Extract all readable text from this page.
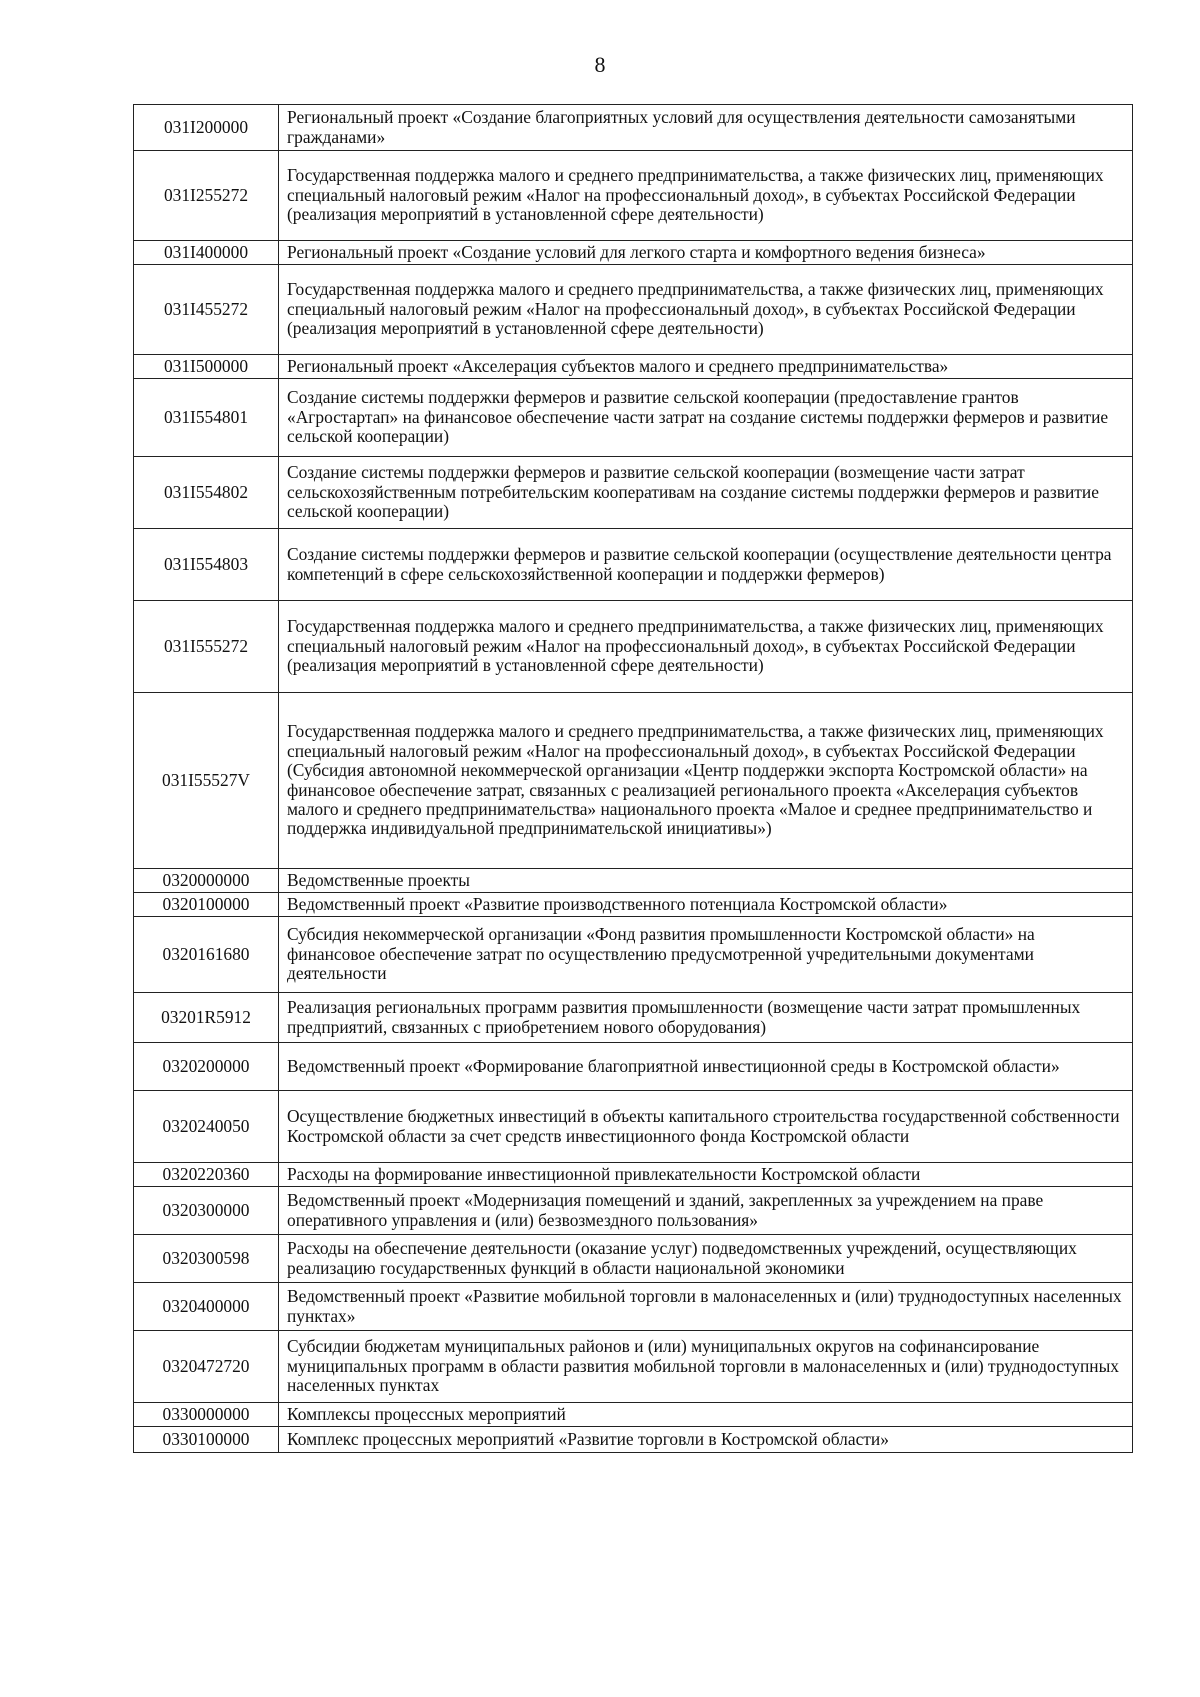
8
031I200000	Региональный проект «Создание благоприятных условий для осуществления деятельности самозанятыми гражданами»
031I255272	Государственная поддержка малого и среднего предпринимательства, а также физических лиц, применяющих специальный налоговый режим «Налог на профессиональный доход», в субъектах Российской Федерации (реализация мероприятий в установленной сфере деятельности)
031I400000	Региональный проект «Создание условий для легкого старта и комфортного ведения бизнеса»
031I455272	Государственная поддержка малого и среднего предпринимательства, а также физических лиц, применяющих специальный налоговый режим «Налог на профессиональный доход», в субъектах Российской Федерации (реализация мероприятий в установленной сфере деятельности)
031I500000	Региональный проект «Акселерация субъектов малого и среднего предпринимательства»
031I554801	Создание системы поддержки фермеров и развитие сельской кооперации (предоставление грантов «Агростартап» на финансовое обеспечение части затрат на создание системы поддержки фермеров и развитие сельской кооперации)
031I554802	Создание системы поддержки фермеров и развитие сельской кооперации (возмещение части затрат сельскохозяйственным потребительским кооперативам на создание системы поддержки фермеров и развитие сельской кооперации)
031I554803	Создание системы поддержки фермеров и развитие сельской кооперации (осуществление деятельности центра компетенций в сфере сельскохозяйственной кооперации и поддержки фермеров)
031I555272	Государственная поддержка малого и среднего предпринимательства, а также физических лиц, применяющих специальный налоговый режим «Налог на профессиональный доход», в субъектах Российской Федерации (реализация мероприятий в установленной сфере деятельности)
031I55527V	Государственная поддержка малого и среднего предпринимательства, а также физических лиц, применяющих специальный налоговый режим «Налог на профессиональный доход», в субъектах Российской Федерации (Субсидия автономной некоммерческой организации «Центр поддержки экспорта Костромской области» на финансовое обеспечение затрат, связанных с реализацией регионального проекта «Акселерация субъектов малого и среднего предпринимательства» национального проекта «Малое и среднее предпринимательство и поддержка индивидуальной предпринимательской инициативы»)
0320000000	Ведомственные проекты
0320100000	Ведомственный проект «Развитие производственного потенциала Костромской области»
0320161680	Субсидия некоммерческой организации «Фонд развития промышленности Костромской области» на финансовое обеспечение затрат по осуществлению предусмотренной учредительными документами деятельности
03201R5912	Реализация региональных программ развития промышленности (возмещение части затрат промышленных предприятий, связанных с приобретением нового оборудования)
0320200000	Ведомственный проект «Формирование благоприятной инвестиционной среды в Костромской области»
0320240050	Осуществление бюджетных инвестиций в объекты капитального строительства государственной собственности Костромской области за счет средств инвестиционного фонда Костромской области
0320220360	Расходы на формирование инвестиционной привлекательности Костромской области
0320300000	Ведомственный проект «Модернизация помещений и зданий, закрепленных за учреждением на праве оперативного управления и (или) безвозмездного пользования»
0320300598	Расходы на обеспечение деятельности (оказание услуг) подведомственных учреждений, осуществляющих реализацию государственных функций в области национальной экономики
0320400000	Ведомственный проект «Развитие мобильной торговли в малонаселенных и (или) труднодоступных населенных пунктах»
0320472720	Субсидии бюджетам муниципальных районов и (или) муниципальных округов на софинансирование муниципальных программ в области развития мобильной торговли в малонаселенных и (или) труднодоступных населенных пунктах
0330000000	Комплексы процессных мероприятий
0330100000	Комплекс процессных мероприятий «Развитие торговли в Костромской области»
